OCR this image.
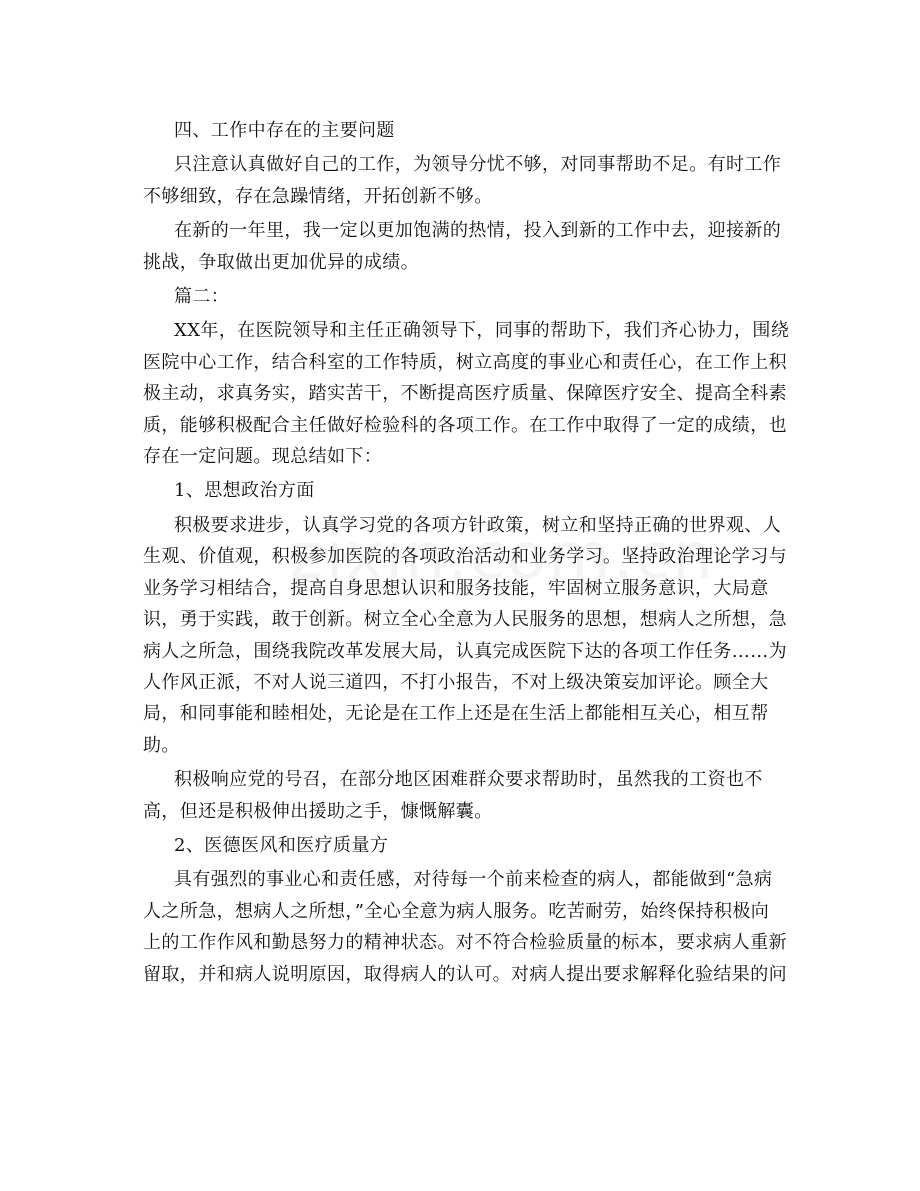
四、工作中存在的主要问题
只注意认真做好自己的工作，为领导分忧不够，对同事帮助不足。有时工作
不够细致，存在急躁情绪，开拓创新不够。
在新的一年里，我一定以更加饱满的热情，投入到新的工作中去，迎接新的
挑战，争取做出更加优异的成绩。
篇二：
XX年，在医院领导和主任正确领导下，同事的帮助下，我们齐心协力，围绕
医院中心工作，结合科室的工作特质，树立高度的事业心和责任心，在工作上积
极主动，求真务实，踏实苦干，不断提高医疗质量、保障医疗安全、提高全科素
质，能够积极配合主任做好检验科的各项工作。在工作中取得了一定的成绩，也
存在一定问题。现总结如下：
1、思想政治方面
积极要求进步，认真学习党的各项方针政策，树立和坚持正确的世界观、人
生观、价值观，积极参加医院的各项政治活动和业务学习。坚持政治理论学习与
业务学习相结合，提高自身思想认识和服务技能，牢固树立服务意识，大局意
识，勇于实践，敢于创新。树立全心全意为人民服务的思想，想病人之所想，急
病人之所急，围绕我院改革发展大局，认真完成医院下达的各项工作任务……为
人作风正派，不对人说三道四，不打小报告，不对上级决策妄加评论。顾全大
局，和同事能和睦相处，无论是在工作上还是在生活上都能相互关心，相互帮
助。
积极响应党的号召，在部分地区困难群众要求帮助时，虽然我的工资也不
高，但还是积极伸出援助之手，慷慨解囊。
2、医德医风和医疗质量方
具有强烈的事业心和责任感，对待每一个前来检查的病人，都能做到“急病
人之所急，想病人之所想，”全心全意为病人服务。吃苦耐劳，始终保持积极向
上的工作作风和勤恳努力的精神状态。对不符合检验质量的标本，要求病人重新
留取，并和病人说明原因，取得病人的认可。对病人提出要求解释化验结果的问
